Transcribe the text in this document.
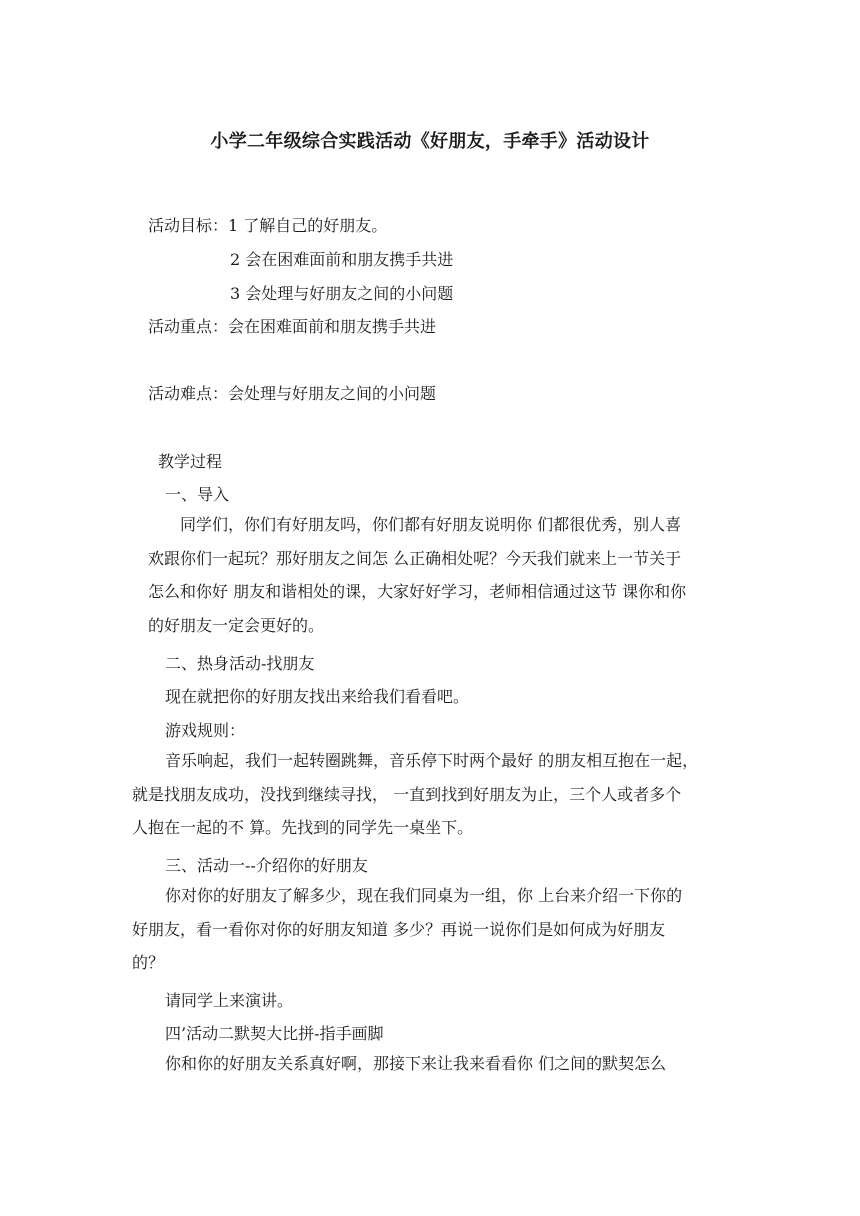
小学二年级综合实践活动《好朋友，手牵手》活动设计
活动目标：1 了解自己的好朋友。
2 会在困难面前和朋友携手共进
3 会处理与好朋友之间的小问题
活动重点：会在困难面前和朋友携手共进
活动难点：会处理与好朋友之间的小问题
教学过程
一、导入
同学们，你们有好朋友吗，你们都有好朋友说明你 们都很优秀，别人喜
欢跟你们一起玩？那好朋友之间怎 么正确相处呢？今天我们就来上一节关于
怎么和你好 朋友和谐相处的课，大家好好学习，老师相信通过这节 课你和你
的好朋友一定会更好的。
二、热身活动-找朋友
现在就把你的好朋友找出来给我们看看吧。
游戏规则：
音乐响起，我们一起转圈跳舞，音乐停下时两个最好 的朋友相互抱在一起，
就是找朋友成功，没找到继续寻找， 一直到找到好朋友为止，三个人或者多个
人抱在一起的不 算。先找到的同学先一桌坐下。
三、活动一--介绍你的好朋友
你对你的好朋友了解多少，现在我们同桌为一组，你 上台来介绍一下你的
好朋友，看一看你对你的好朋友知道 多少？再说一说你们是如何成为好朋友
的？
请同学上来演讲。
四’活动二默契大比拼-指手画脚
你和你的好朋友关系真好啊，那接下来让我来看看你 们之间的默契怎么
